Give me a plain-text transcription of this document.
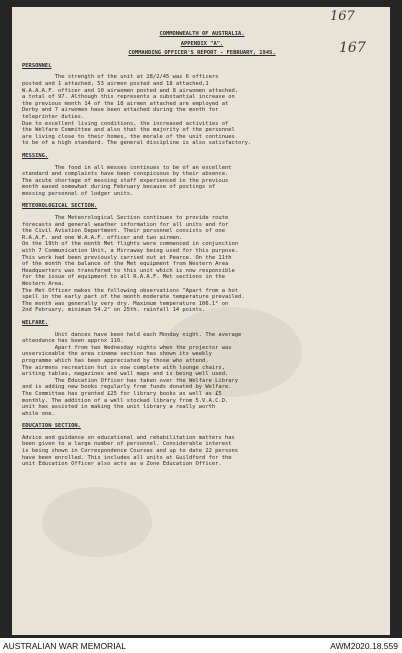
167
167
COMMONWEALTH OF AUSTRALIA.
APPENDIX "A".
COMMANDING OFFICER'S REPORT - FEBRUARY, 1945.
PERSONNEL
The strength of the unit at 28/2/45 was 6 officers
posted and 1 attached, 53 airmen posted and 18 attached,1
W.A.A.A.F. officer and 10 airwomen posted and 8 airwomen attached,
a total of 97. Although this represents a substantial increase on
the previous month 14 of the 18 airmen attached are employed at
Derby and 7 airwomen have been attached during the month for
teleprinter duties.
Due to excellent living conditions, the increased activities of
the Welfare Committee and also that the majority of the personnel
are living close to their homes, the morale of the unit continues
to be of a high standard. The general discipline is also satisfactory.
MESSING.
The food in all messes continues to be of an excellent
standard and complaints have been conspicuous by their absence.
The acute shortage of messing staff experienced in the previous
month eased somewhat during February because of postings of
messing personnel of lodger units.
METEOROLOGICAL SECTION.
The Meteorological Section continues to provide route
forecasts and general weather information for all units and for
the Civil Aviation Department. Their personnel consists of one
R.A.A.F. and one W.A.A.F. officer and two airmen.
On the 19th of the month Met flights were commenced in conjunction
with 7 Communication Unit, a Hirraway being used for this purpose.
This work had been previously carried out at Pearce. On the 11th
of the month the balance of the Met equipment from Western Area
Headquarters was transfered to this unit which is now responsible
for the issue of equipment to all R.A.A.F. Met sections in the
Western Area.
The Met Officer makes the following observations "Apart from a hot
spell in the early part of the month moderate temperature prevailed.
The month was generally very dry. Maximum temperature 106.1° on
2nd February, minimum 54.2° on 25th. rainfall 14 points.
WELFARE.
Unit dances have been held each Monday night. The average
attendance has been approx 110.
Apart from two Wednesday nights when the projector was
unserviceable the area cinema section has shown its weekly
programme which has been appreciated by those who attend.
The airmens recreation hut is now complete with lounge chairs,
writing tables, magazines and wall maps and is being well used.
The Education Officer has taken over the Welfare Library
and is adding new books regularly from funds donated by Welfare.
The Committee has granted £25 for library books as well as £5
monthly. The addition of a well stocked library from 5.V.A.C.D.
unit has assisted in making the unit library a really worth
while one.
EDUCATION SECTION.
Advice and guidance on educational and rehabilitation matters has
been given to a large number of personnel. Considerable interest
is being shown in Correspondence Courses and up to date 22 persons
have been enrolled. This includes all units at Guildford for the
unit Education Officer also acts as a Zone Education Officer.
AUSTRALIAN WAR MEMORIAL	AWM2020.18.559
